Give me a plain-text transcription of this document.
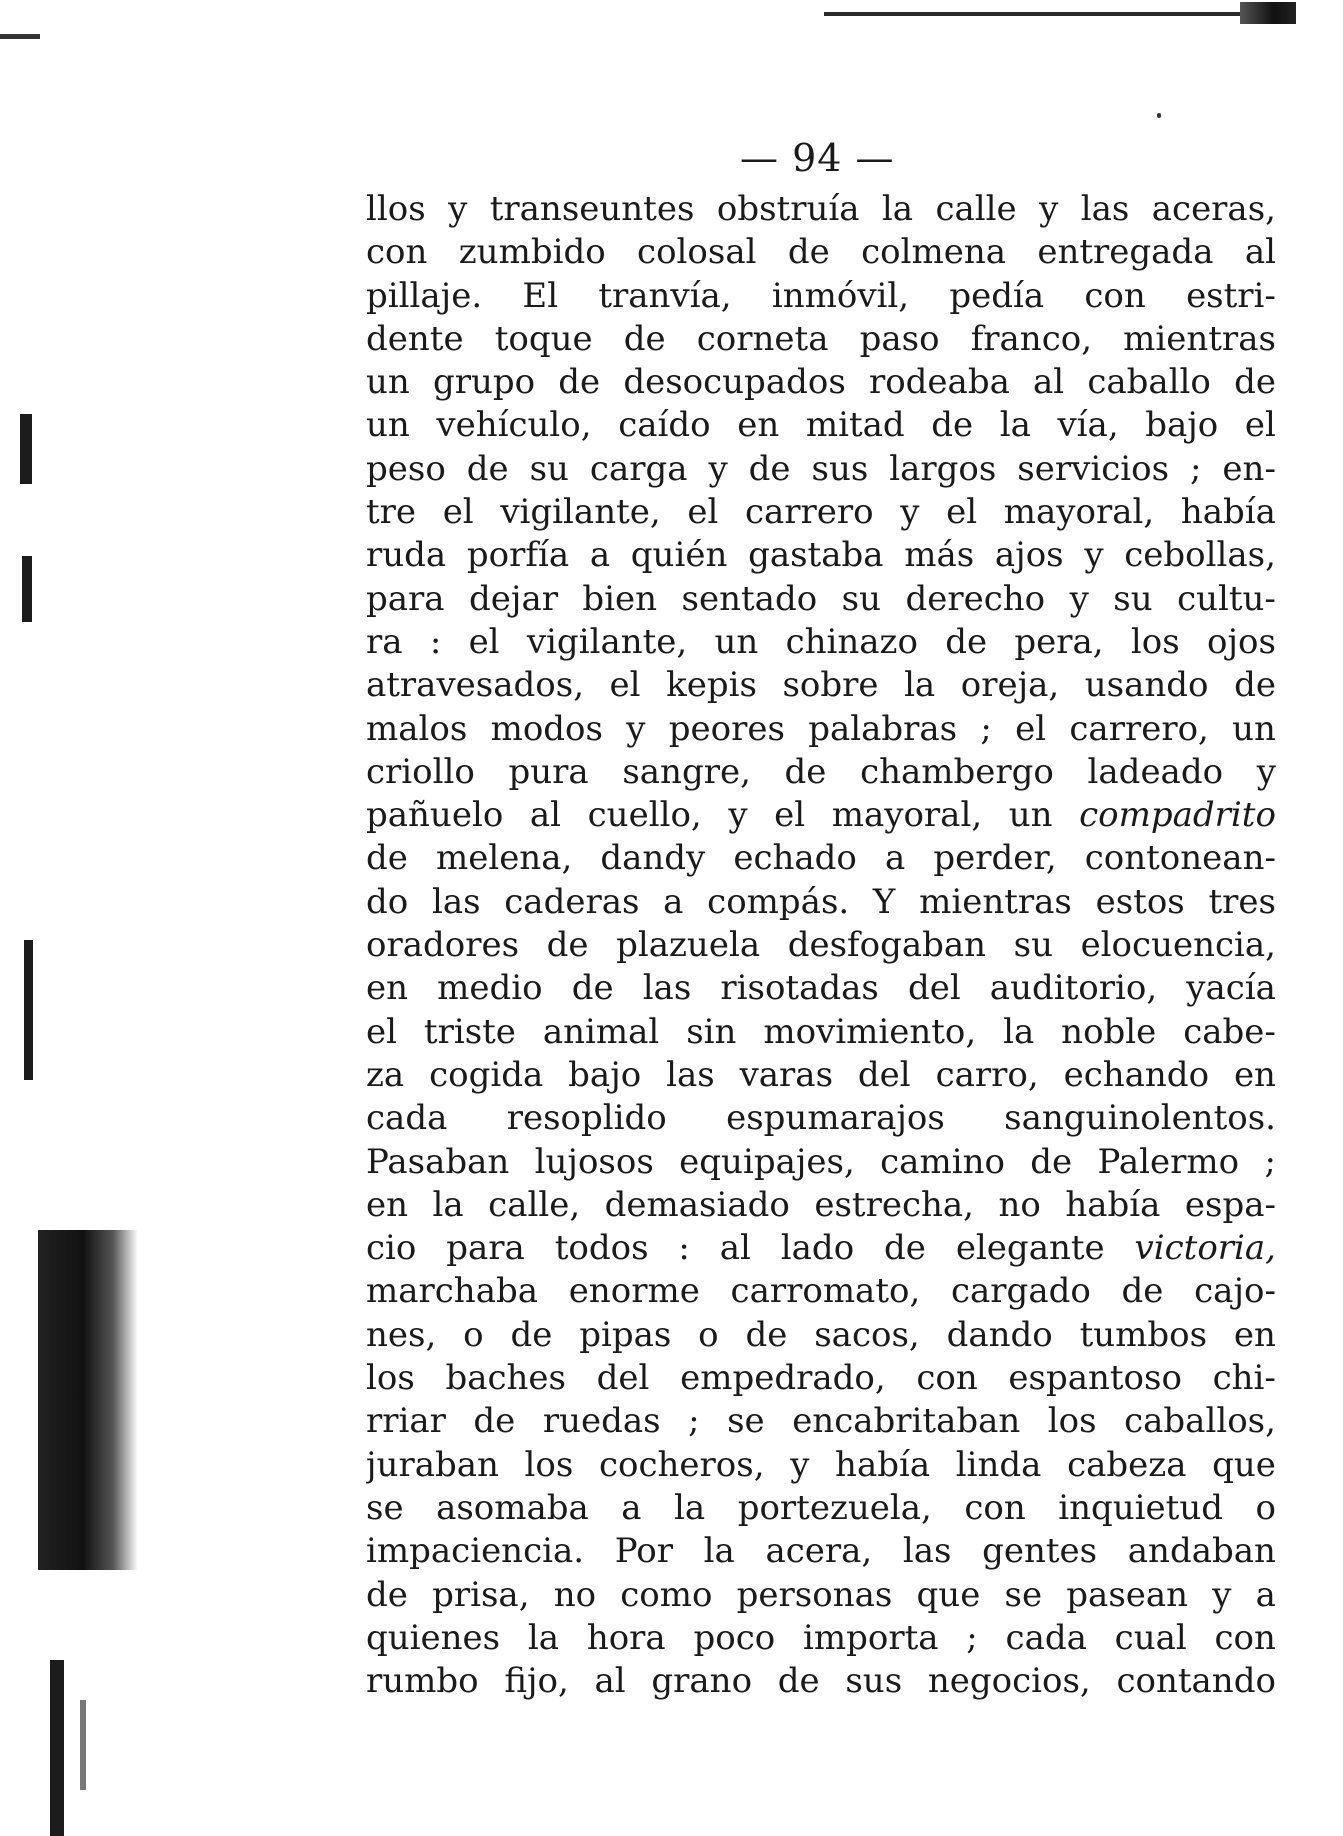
— 94 —
llos y transeuntes obstruía la calle y las aceras,
con zumbido colosal de colmena entregada al
pillaje. El tranvía, inmóvil, pedía con estri-
dente toque de corneta paso franco, mientras
un grupo de desocupados rodeaba al caballo de
un vehículo, caído en mitad de la vía, bajo el
peso de su carga y de sus largos servicios ; en-
tre el vigilante, el carrero y el mayoral, había
ruda porfía a quién gastaba más ajos y cebollas,
para dejar bien sentado su derecho y su cultu-
ra : el vigilante, un chinazo de pera, los ojos
atravesados, el kepis sobre la oreja, usando de
malos modos y peores palabras ; el carrero, un
criollo pura sangre, de chambergo ladeado y
pañuelo al cuello, y el mayoral, un compadrito
de melena, dandy echado a perder, contonean-
do las caderas a compás. Y mientras estos tres
oradores de plazuela desfogaban su elocuencia,
en medio de las risotadas del auditorio, yacía
el triste animal sin movimiento, la noble cabe-
za cogida bajo las varas del carro, echando en
cada resoplido espumarajos sanguinolentos.
Pasaban lujosos equipajes, camino de Palermo ;
en la calle, demasiado estrecha, no había espa-
cio para todos : al lado de elegante victoria,
marchaba enorme carromato, cargado de cajo-
nes, o de pipas o de sacos, dando tumbos en
los baches del empedrado, con espantoso chi-
rriar de ruedas ; se encabritaban los caballos,
juraban los cocheros, y había linda cabeza que
se asomaba a la portezuela, con inquietud o
impaciencia. Por la acera, las gentes andaban
de prisa, no como personas que se pasean y a
quienes la hora poco importa ; cada cual con
rumbo fijo, al grano de sus negocios, contando
